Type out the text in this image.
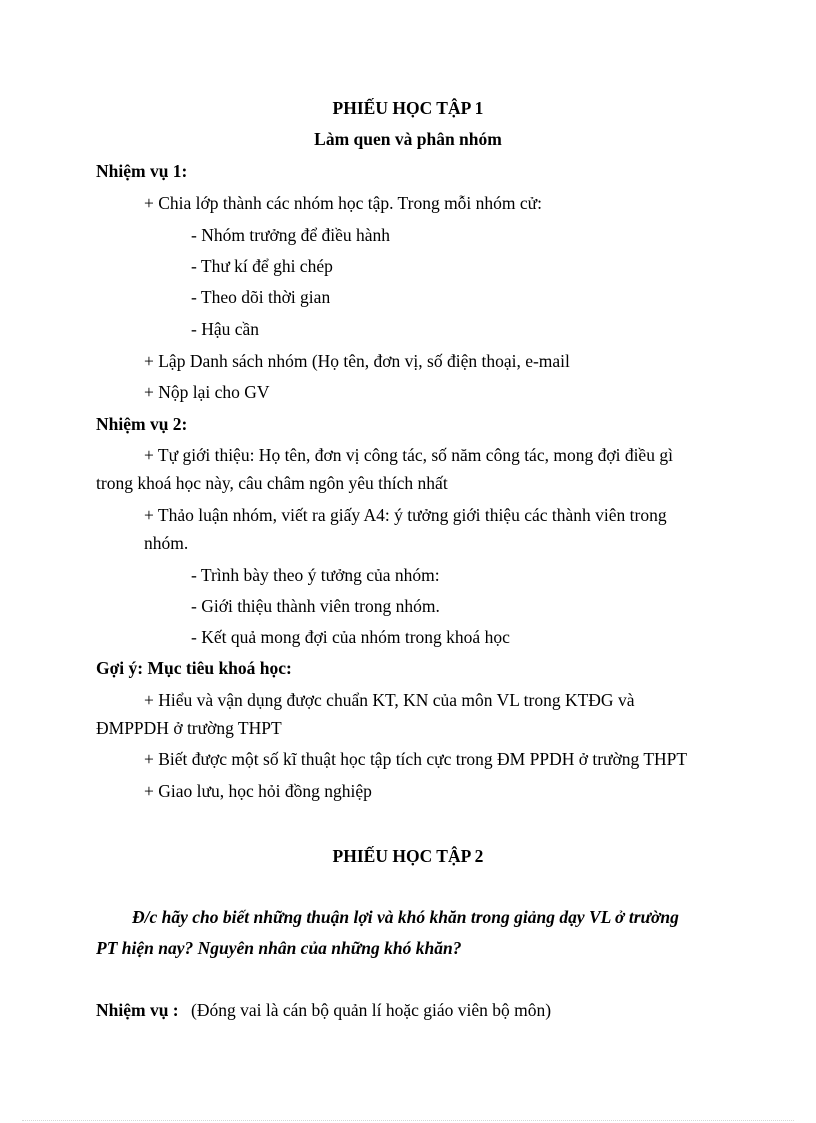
PHIẾU HỌC TẬP 1
Làm quen và phân nhóm
Nhiệm vụ 1:
+ Chia lớp thành các nhóm học tập. Trong mỗi nhóm cử:
- Nhóm trưởng để điều hành
- Thư kí để ghi chép
- Theo dõi thời gian
- Hậu cần
+ Lập Danh sách nhóm (Họ tên, đơn vị, số điện thoại, e-mail
+ Nộp lại cho GV
Nhiệm vụ 2:
+ Tự giới thiệu: Họ tên, đơn vị công tác, số năm công tác, mong đợi điều gì
trong khoá học này, câu châm ngôn yêu thích nhất
+ Thảo luận nhóm, viết ra giấy A4: ý tưởng giới thiệu các thành viên trong
nhóm.
- Trình bày theo ý tưởng của nhóm:
- Giới thiệu thành viên trong nhóm.
- Kết quả mong đợi của nhóm trong khoá học
Gợi ý: Mục tiêu khoá học:
+ Hiểu và vận dụng được chuẩn KT, KN của môn VL trong KTĐG và
ĐMPPDH ở trường THPT
+ Biết được một số kĩ thuật học tập tích cực trong ĐM PPDH ở trường THPT
+ Giao lưu, học hỏi đồng nghiệp
PHIẾU HỌC TẬP 2
Đ/c hãy cho biết những thuận lợi và khó khăn trong giảng dạy VL ở trường
PT hiện nay? Nguyên nhân của những khó khăn?
Nhiệm vụ : (Đóng vai là cán bộ quản lí hoặc giáo viên bộ môn)
